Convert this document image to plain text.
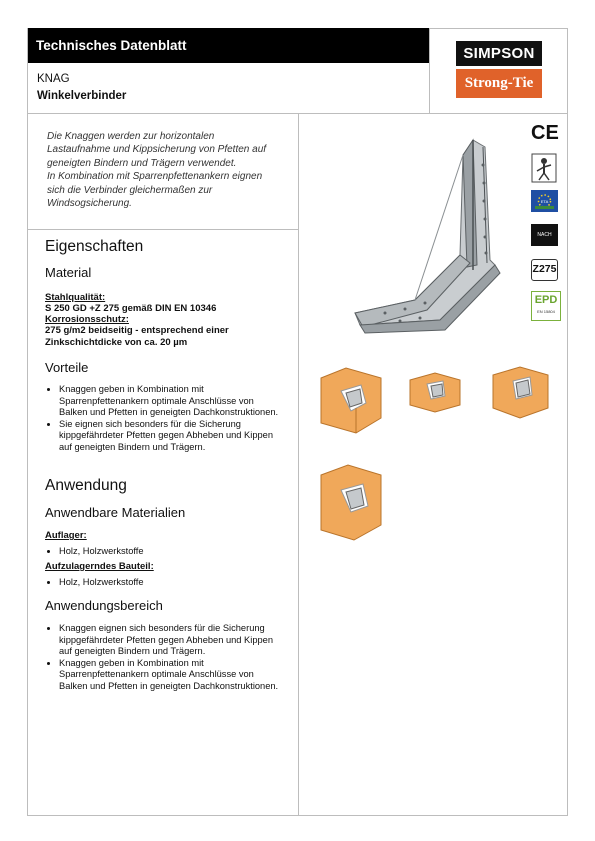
Technisches Datenblatt
KNAG
Winkelverbinder
SIMPSON
Strong-Tie
Die Knaggen werden zur horizontalen
Lastaufnahme und Kippsicherung von Pfetten auf
geneigten Bindern und Trägern verwendet.
In Kombination mit Sparrenpfettenankern eignen
sich die Verbinder gleichermaßen zur
Windsogsicherung.
CE
ETA
NACH
Z275
EPD
EN 15804
Eigenschaften
Material
Stahlqualität:
S 250 GD +Z 275 gemäß DIN EN 10346
Korrosionsschutz:
275 g/m2 beidseitig - entsprechend einer
Zinkschichtdicke von ca. 20 µm
Vorteile
• Knaggen geben in Kombination mit Sparrenpfettenankern optimale Anschlüsse von Balken und Pfetten in geneigten Dachkonstruktionen.
• Sie eignen sich besonders für die Sicherung kippgefährdeter Pfetten gegen Abheben und Kippen auf geneigten Bindern und Trägern.
Anwendung
Anwendbare Materialien
Auflager:
• Holz, Holzwerkstoffe
Aufzulagerndes Bauteil:
• Holz, Holzwerkstoffe
Anwendungsbereich
• Knaggen eignen sich besonders für die Sicherung kippgefährdeter Pfetten gegen Abheben und Kippen auf geneigten Bindern und Trägern.
• Knaggen geben in Kombination mit Sparrenpfettenankern optimale Anschlüsse von Balken und Pfetten in geneigten Dachkonstruktionen.
